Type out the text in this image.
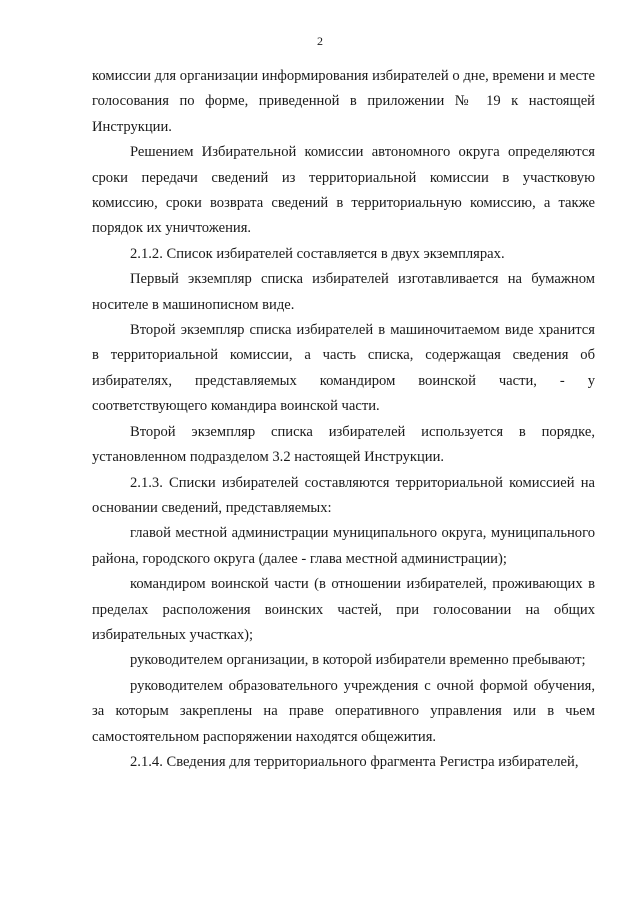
2

комиссии для организации информирования избирателей о дне, времени и месте голосования по форме, приведенной в приложении № 19 к настоящей Инструкции.

Решением Избирательной комиссии автономного округа определяются сроки передачи сведений из территориальной комиссии в участковую комиссию, сроки возврата сведений в территориальную комиссию, а также порядок их уничтожения.

2.1.2. Список избирателей составляется в двух экземплярах.

Первый экземпляр списка избирателей изготавливается на бумажном носителе в машинописном виде.

Второй экземпляр списка избирателей в машиночитаемом виде хранится в территориальной комиссии, а часть списка, содержащая сведения об избирателях, представляемых командиром воинской части, - у соответствующего командира воинской части.

Второй экземпляр списка избирателей используется в порядке, установленном подразделом 3.2 настоящей Инструкции.

2.1.3. Списки избирателей составляются территориальной комиссией на основании сведений, представляемых:

главой местной администрации муниципального округа, муниципального района, городского округа (далее - глава местной администрации);

командиром воинской части (в отношении избирателей, проживающих в пределах расположения воинских частей, при голосовании на общих избирательных участках);

руководителем организации, в которой избиратели временно пребывают;

руководителем образовательного учреждения с очной формой обучения, за которым закреплены на праве оперативного управления или в чьем самостоятельном распоряжении находятся общежития.

2.1.4. Сведения для территориального фрагмента Регистра избирателей,
